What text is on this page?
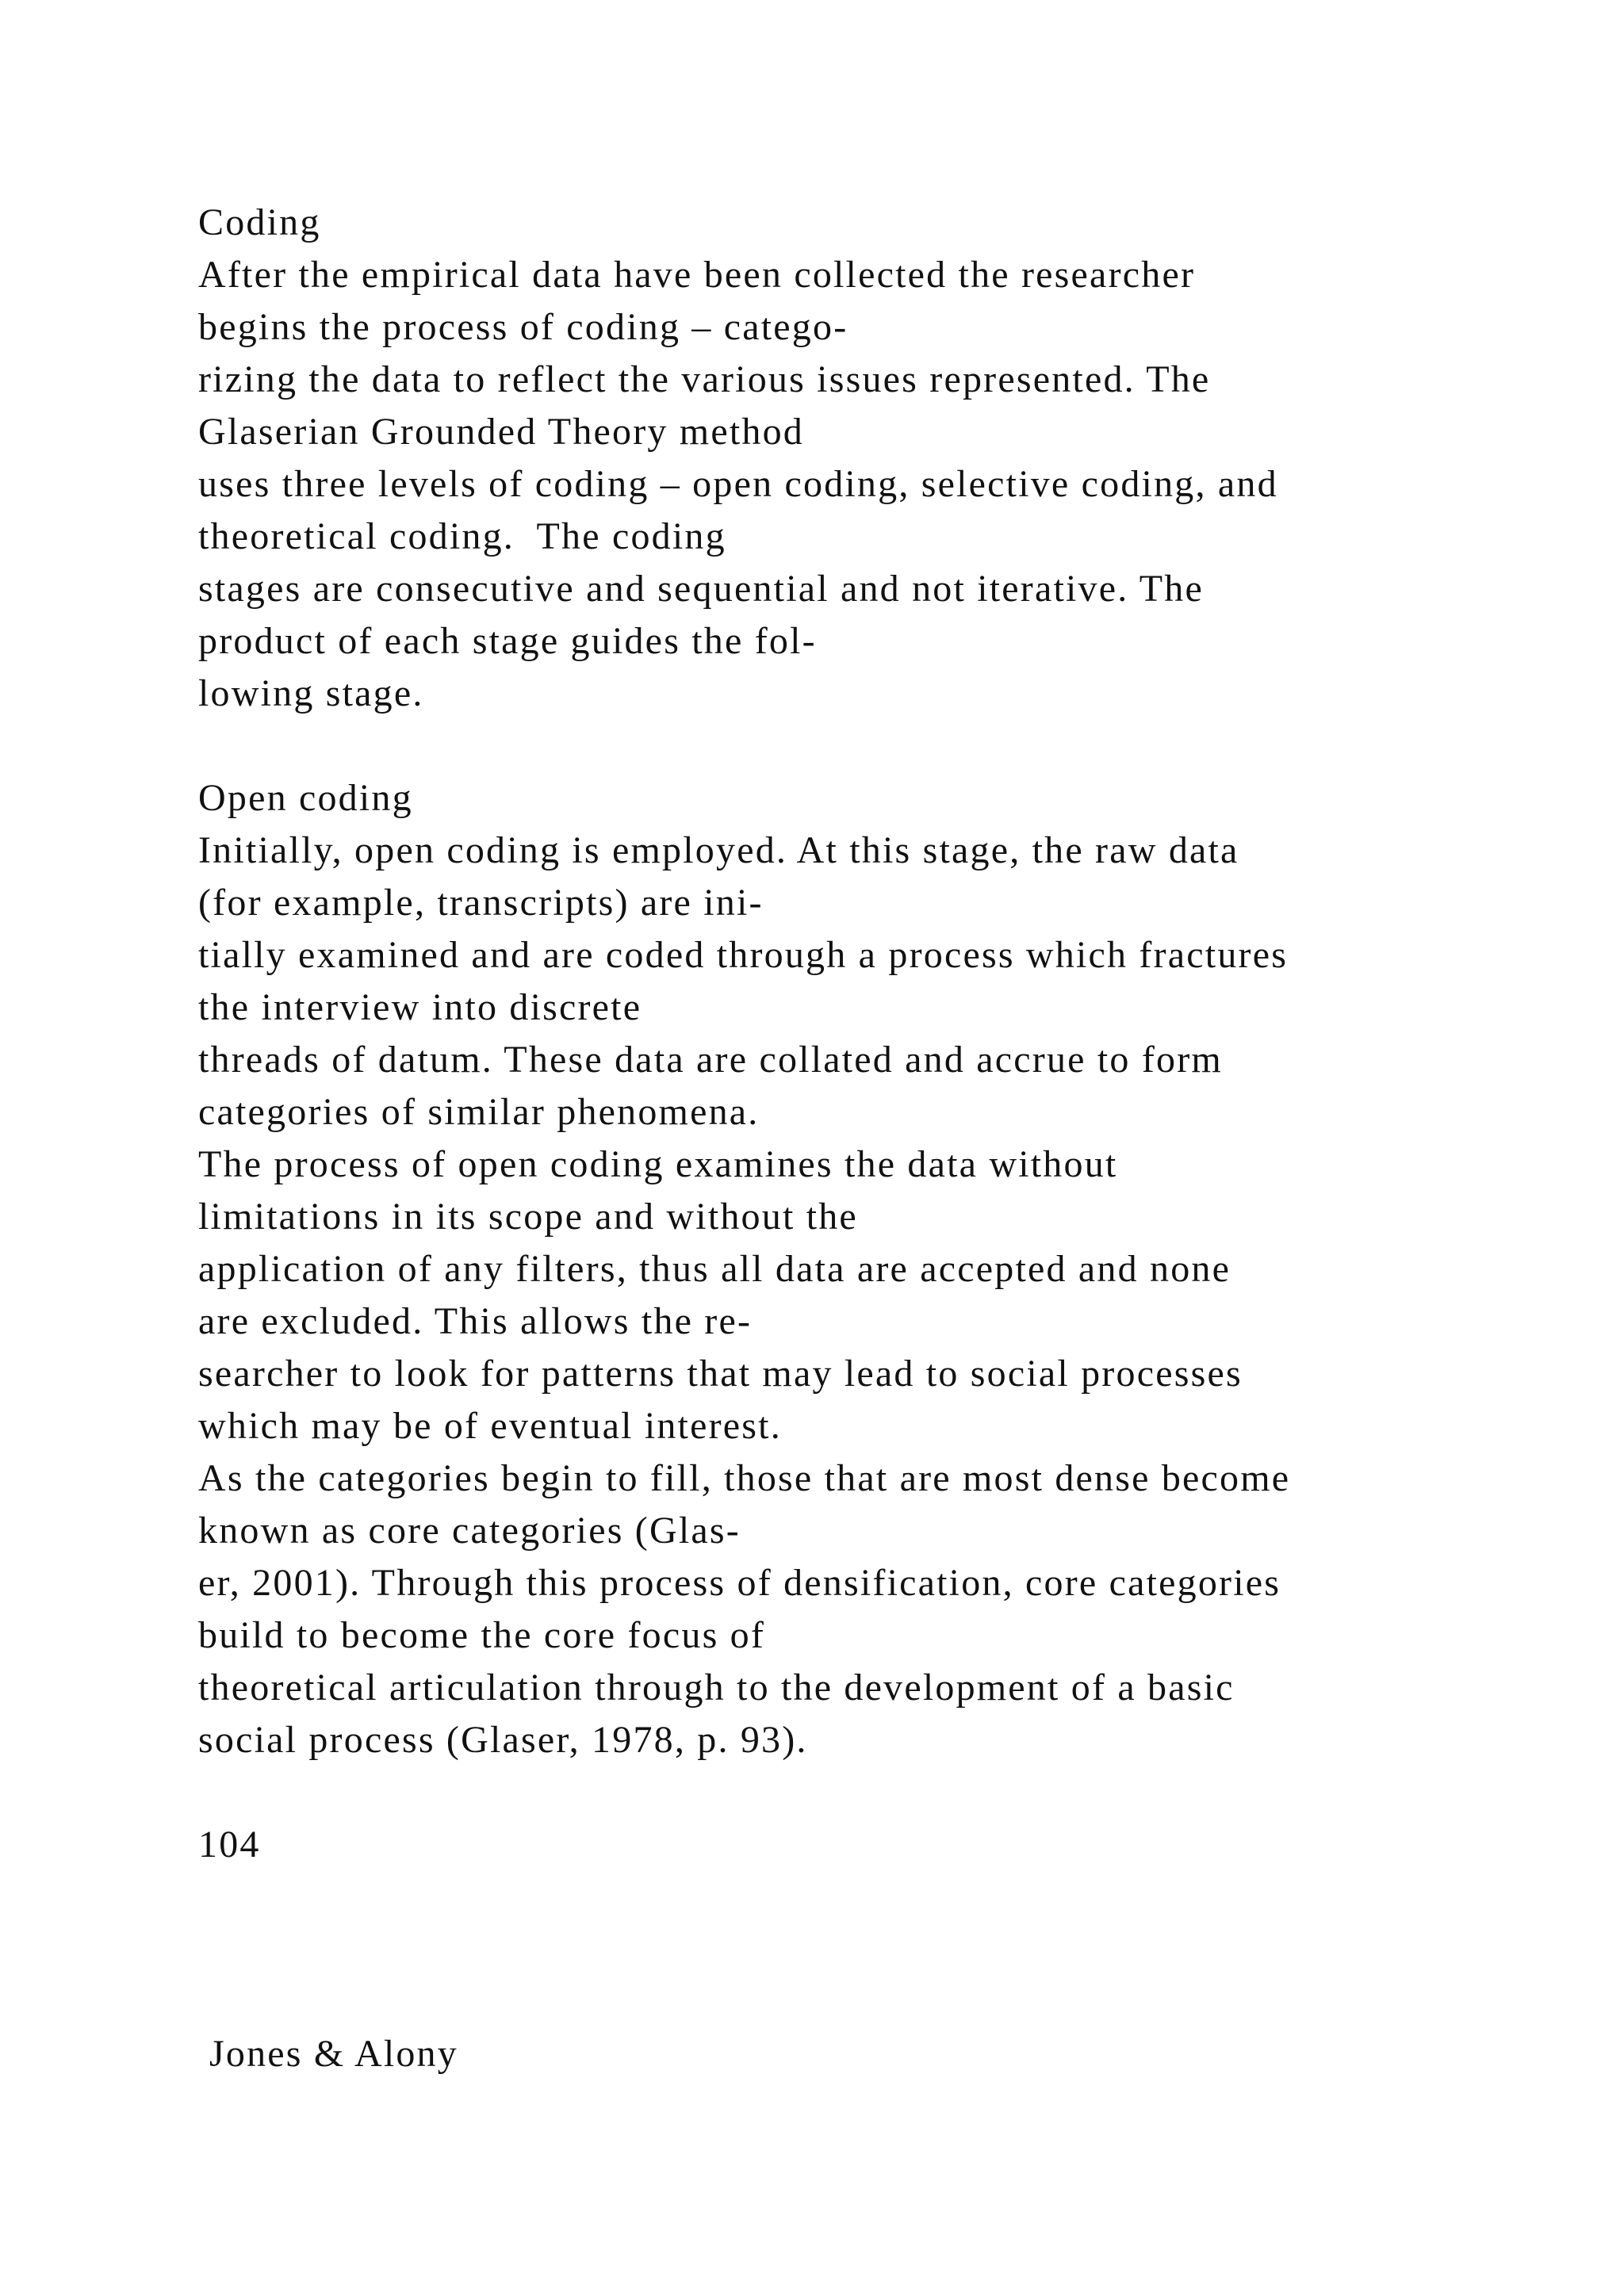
Coding
After the empirical data have been collected the researcher
begins the process of coding – catego-
rizing the data to reflect the various issues represented. The
Glaserian Grounded Theory method
uses three levels of coding – open coding, selective coding, and
theoretical coding.  The coding
stages are consecutive and sequential and not iterative. The
product of each stage guides the fol-
lowing stage.
Open coding
Initially, open coding is employed. At this stage, the raw data
(for example, transcripts) are ini-
tially examined and are coded through a process which fractures
the interview into discrete
threads of datum. These data are collated and accrue to form
categories of similar phenomena.
The process of open coding examines the data without
limitations in its scope and without the
application of any filters, thus all data are accepted and none
are excluded. This allows the re-
searcher to look for patterns that may lead to social processes
which may be of eventual interest.
As the categories begin to fill, those that are most dense become
known as core categories (Glas-
er, 2001). Through this process of densification, core categories
build to become the core focus of
theoretical articulation through to the development of a basic
social process (Glaser, 1978, p. 93).
104
Jones & Alony
